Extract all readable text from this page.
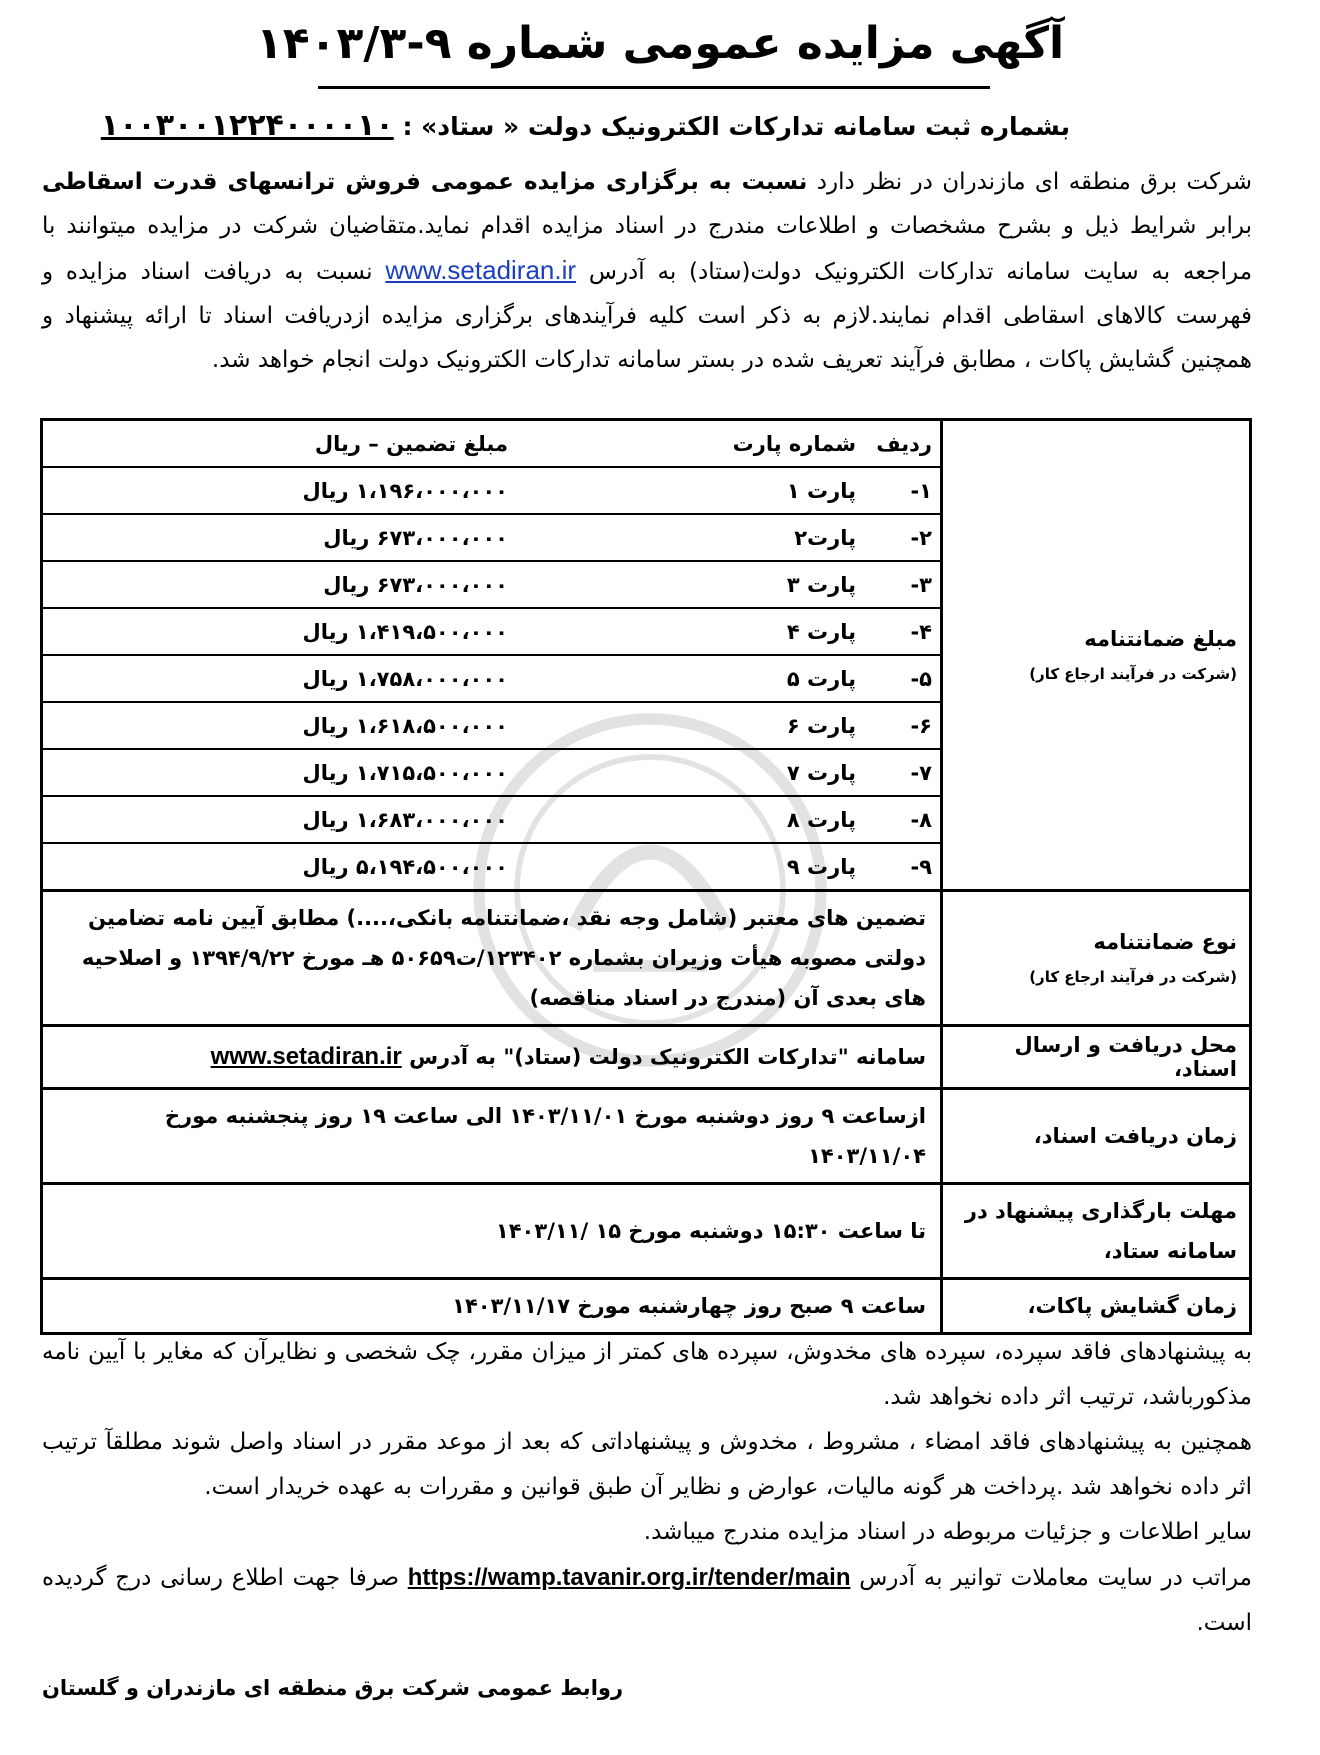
آگهی مزایده عمومی شماره ۹-۱۴۰۳/۳
بشماره ثبت سامانه تدارکات الکترونیک دولت « ستاد» : ۱۰۰۳۰۰۱۲۲۴۰۰۰۰۱۰
شرکت برق منطقه ای مازندران در نظر دارد نسبت به برگزاری مزایده عمومی فروش ترانسهای قدرت اسقاطی برابر شرایط ذیل و بشرح مشخصات و اطلاعات مندرج در اسناد مزایده اقدام نماید.متقاضیان شرکت در مزایده میتوانند با مراجعه به سایت سامانه تدارکات الکترونیک دولت(ستاد) به آدرس www.setadiran.ir نسبت به دریافت اسناد مزایده و فهرست کالاهای اسقاطی اقدام نمایند.لازم به ذکر است کلیه فرآیندهای برگزاری مزایده ازدریافت اسناد تا ارائه پیشنهاد و همچنین گشایش پاکات ، مطابق فرآیند تعریف شده در بستر سامانه تدارکات الکترونیک دولت انجام خواهد شد.
مبلغ ضمانتنامه
(شرکت در فرآیند ارجاع کار)

ردیف	شماره پارت	مبلغ تضمین – ریال
۱-	پارت ۱	۱،۱۹۶،۰۰۰،۰۰۰ ریال
۲-	پارت۲	۶۷۳،۰۰۰،۰۰۰ ریال
۳-	پارت ۳	۶۷۳،۰۰۰،۰۰۰ ریال
۴-	پارت ۴	۱،۴۱۹،۵۰۰،۰۰۰ ریال
۵-	پارت ۵	۱،۷۵۸،۰۰۰،۰۰۰ ریال
۶-	پارت ۶	۱،۶۱۸،۵۰۰،۰۰۰ ریال
۷-	پارت ۷	۱،۷۱۵،۵۰۰،۰۰۰ ریال
۸-	پارت ۸	۱،۶۸۳،۰۰۰،۰۰۰ ریال
۹-	پارت ۹	۵،۱۹۴،۵۰۰،۰۰۰ ریال

نوع ضمانتنامه
(شرکت در فرآیند ارجاع کار)
	تضمین های معتبر (شامل وجه نقد ،ضمانتنامه بانکی،....) مطابق آیین نامه تضامین دولتی مصوبه هیأت وزیران بشماره ۱۲۳۴۰۲/ت۵۰۶۵۹ هـ مورخ ۱۳۹۴/۹/۲۲ و اصلاحیه های بعدی آن (مندرج در اسناد مناقصه)
محل دریافت و ارسال اسناد،	سامانه "تدارکات الکترونیک دولت (ستاد)" به آدرس www.setadiran.ir
زمان دریافت اسناد،	ازساعت ۹ روز دوشنبه مورخ ۱۴۰۳/۱۱/۰۱ الی ساعت ۱۹ روز پنجشنبه مورخ ۱۴۰۳/۱۱/۰۴
مهلت بارگذاری پیشنهاد در سامانه ستاد،	تا ساعت ۱۵:۳۰ دوشنبه مورخ ۱۵ /۱۴۰۳/۱۱
زمان گشایش پاکات،	ساعت ۹ صبح روز چهارشنبه مورخ ۱۴۰۳/۱۱/۱۷

به پیشنهادهای فاقد سپرده، سپرده های مخدوش، سپرده های کمتر از میزان مقرر، چک شخصی و نظایرآن که مغایر با آیین نامه مذکورباشد، ترتیب اثر داده نخواهد شد.

همچنین به پیشنهادهای فاقد امضاء ، مشروط ، مخدوش و پیشنهاداتی که بعد از موعد مقرر در اسناد واصل شوند مطلقآ ترتیب اثر داده نخواهد شد .پرداخت هر گونه مالیات، عوارض و نظایر آن طبق قوانین و مقررات به عهده خریدار است.

سایر اطلاعات و جزئیات مربوطه در اسناد مزایده مندرج میباشد.

مراتب در سایت معاملات توانیر به آدرس https://wamp.tavanir.org.ir/tender/main صرفا جهت اطلاع رسانی درج گردیده است.

روابط عمومی شرکت برق منطقه ای مازندران و گلستان
